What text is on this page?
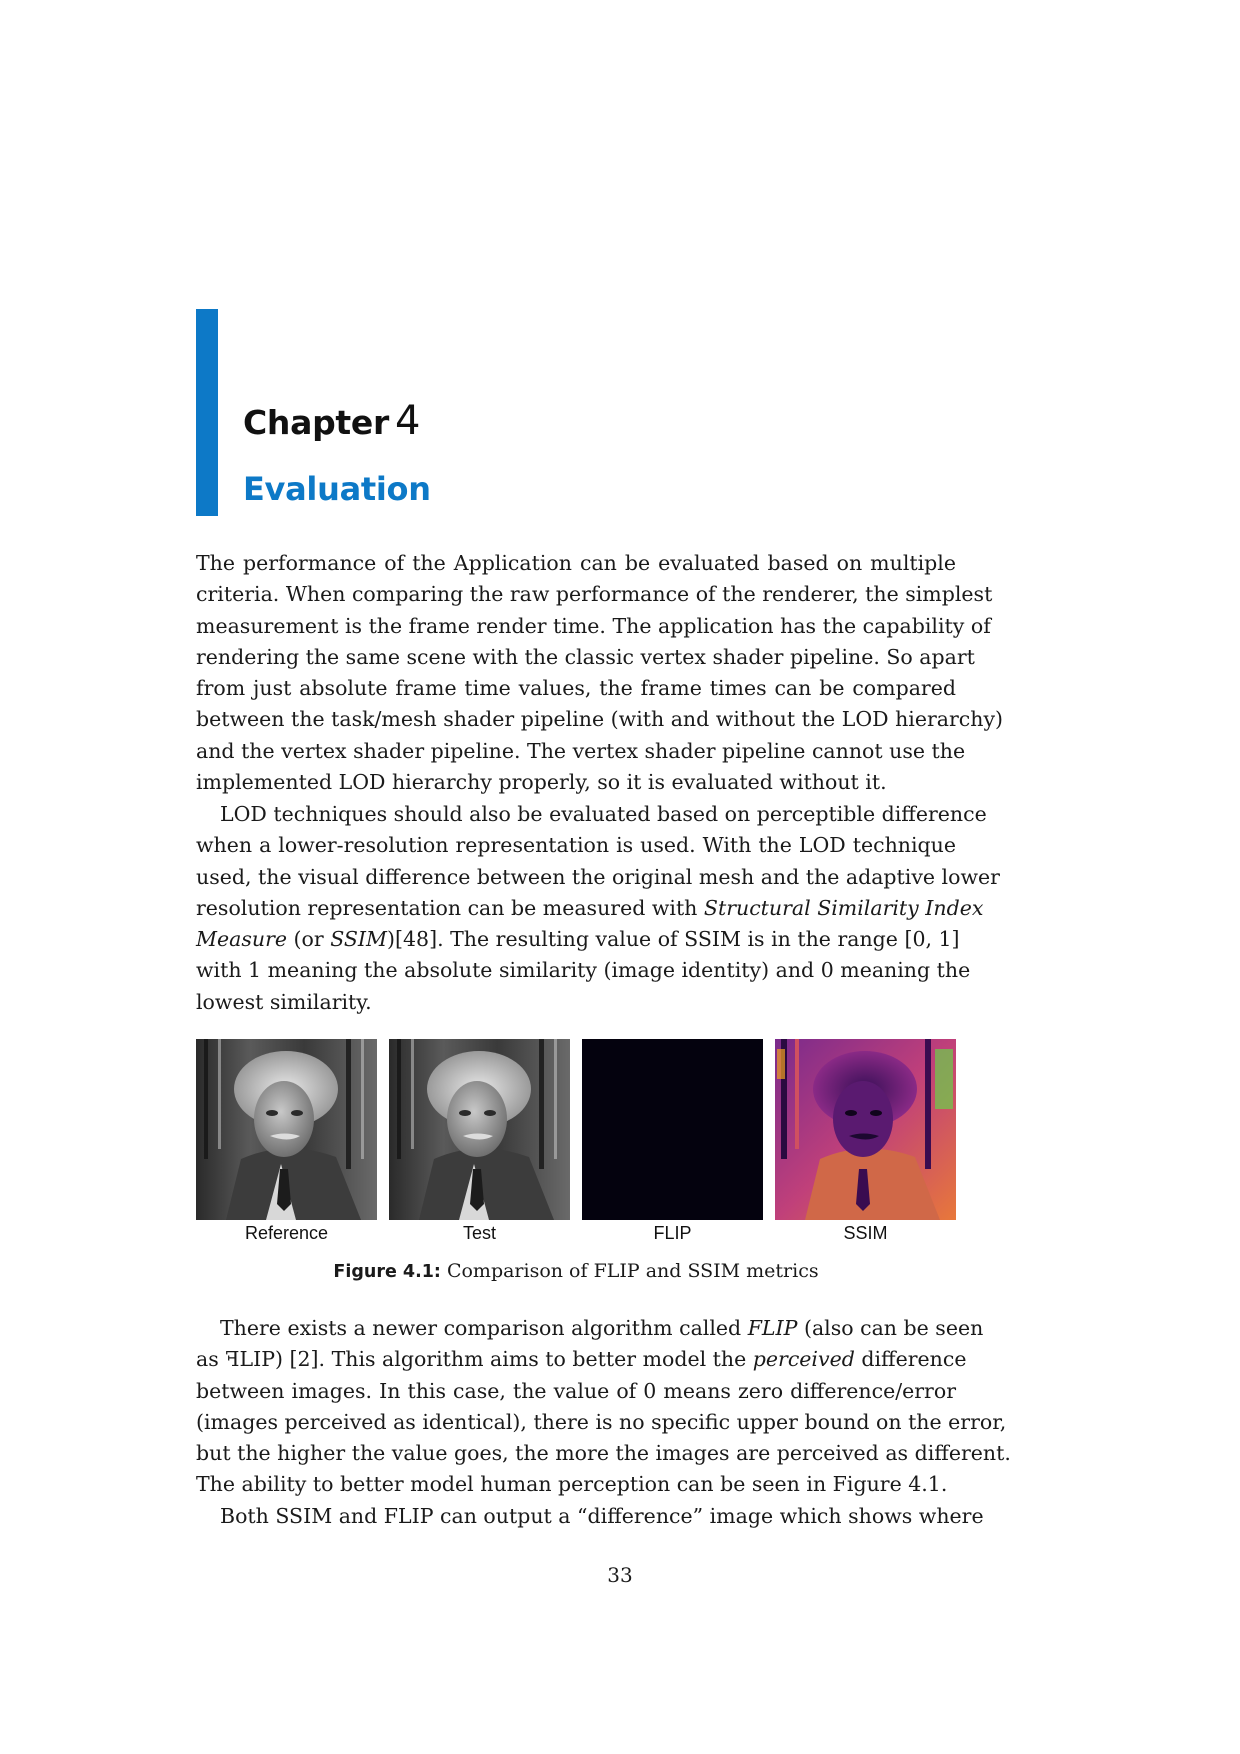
Chapter 4
Evaluation
The performance of the Application can be evaluated based on multiple
criteria. When comparing the raw performance of the renderer, the simplest
measurement is the frame render time. The application has the capability of
rendering the same scene with the classic vertex shader pipeline. So apart
from just absolute frame time values, the frame times can be compared
between the task/mesh shader pipeline (with and without the LOD hierarchy)
and the vertex shader pipeline. The vertex shader pipeline cannot use the
implemented LOD hierarchy properly, so it is evaluated without it.
LOD techniques should also be evaluated based on perceptible difference
when a lower-resolution representation is used. With the LOD technique
used, the visual difference between the original mesh and the adaptive lower
resolution representation can be measured with Structural Similarity Index
Measure (or SSIM)[48]. The resulting value of SSIM is in the range [0, 1]
with 1 meaning the absolute similarity (image identity) and 0 meaning the
lowest similarity.
Reference	Test	FLIP	SSIM
Figure 4.1: Comparison of FLIP and SSIM metrics
There exists a newer comparison algorithm called FLIP (also can be seen
as ꟻLIP) [2]. This algorithm aims to better model the perceived difference
between images. In this case, the value of 0 means zero difference/error
(images perceived as identical), there is no specific upper bound on the error,
but the higher the value goes, the more the images are perceived as different.
The ability to better model human perception can be seen in Figure 4.1.
Both SSIM and FLIP can output a “difference” image which shows where
33
